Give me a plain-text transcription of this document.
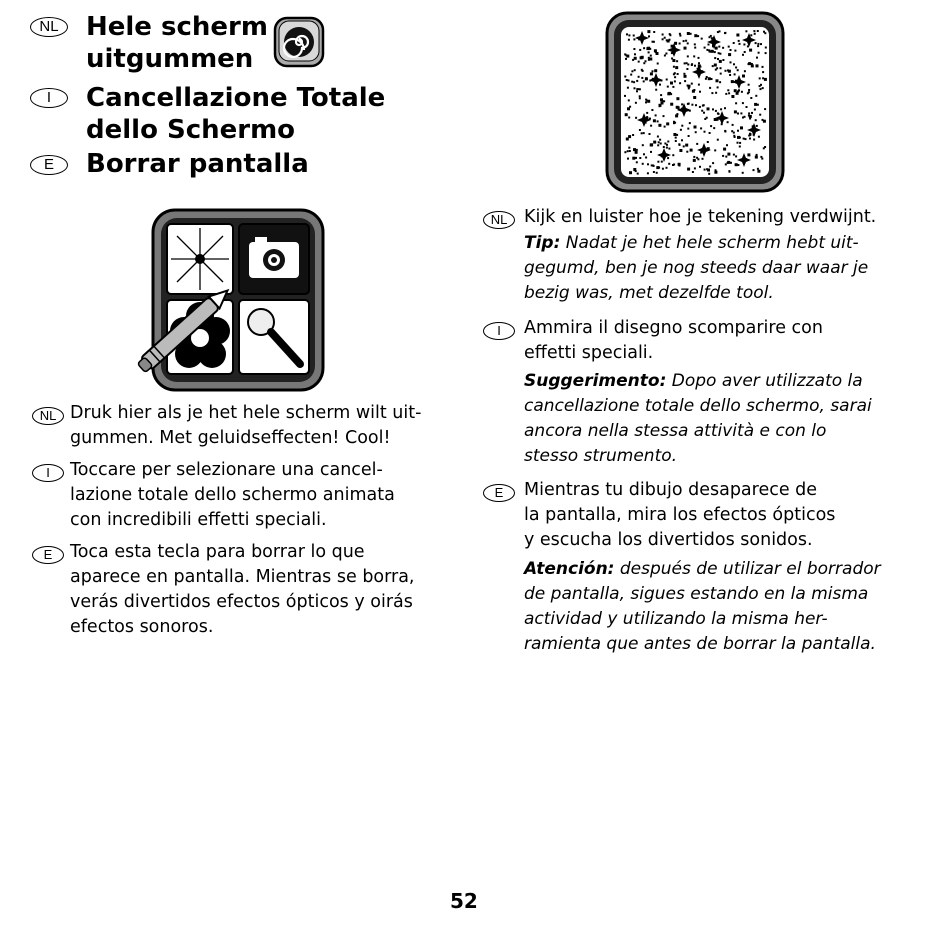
NL	Hele scherm
uitgummen
I	Cancellazione Totale
dello Schermo
E	Borrar pantalla
NL Druk hier als je het hele scherm wilt uit-
gummen. Met geluidseffecten! Cool!
I	Toccare per selezionare una cancel-
lazione totale dello schermo animata
con incredibili effetti speciali.
E	Toca esta tecla para borrar lo que
aparece en pantalla. Mientras se borra,
verás divertidos efectos ópticos y oirás
efectos sonoros.
NL Kijk en luister hoe je tekening verdwijnt.
Tip: Nadat je het hele scherm hebt uit-
gegumd, ben je nog steeds daar waar je
bezig was, met dezelfde tool.
I	Ammira il disegno scomparire con
effetti speciali.
Suggerimento: Dopo aver utilizzato la
cancellazione totale dello schermo, sarai
ancora nella stessa attività e con lo
stesso strumento.
E	Mientras tu dibujo desaparece de
la pantalla, mira los efectos ópticos
y escucha los divertidos sonidos.
Atención: después de utilizar el borrador
de pantalla, sigues estando en la misma
actividad y utilizando la misma her-
ramienta que antes de borrar la pantalla.
52
